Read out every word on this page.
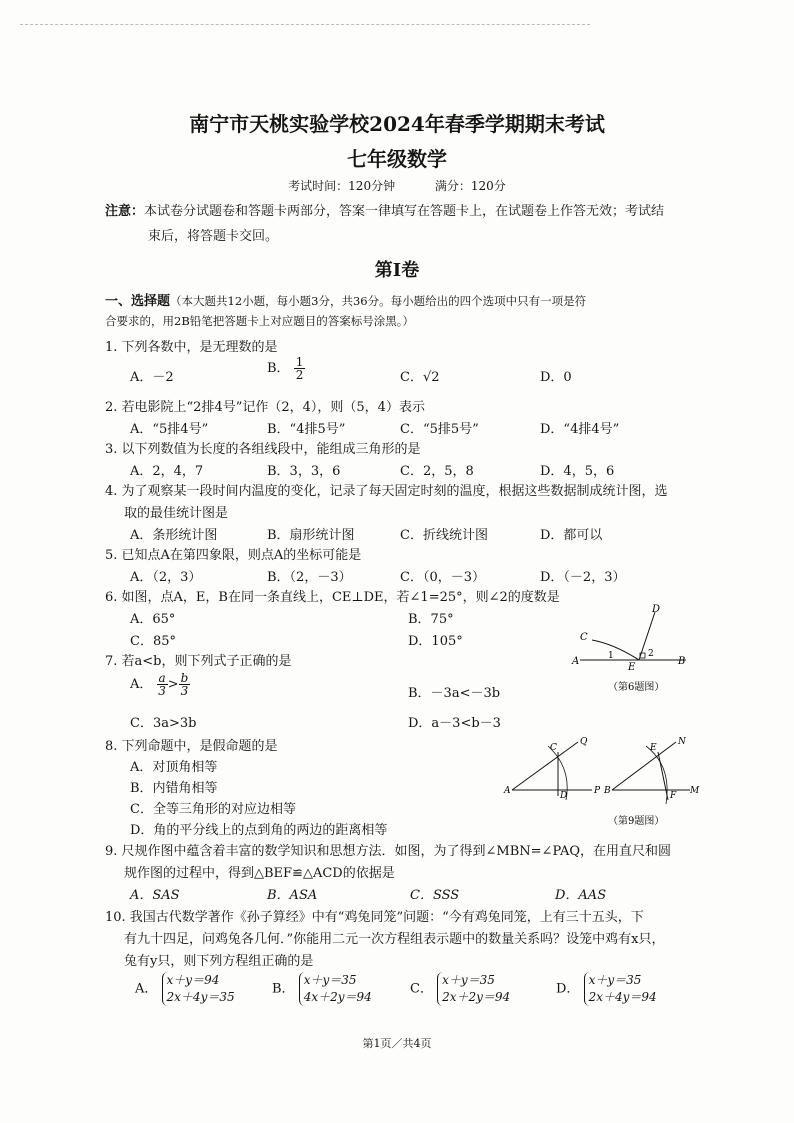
南宁市天桃实验学校2024年春季学期期末考试
七年级数学
考试时间：120分钟	满分：120分
注意：本试卷分试题卷和答题卡两部分，答案一律填写在答题卡上，在试题卷上作答无效；考试结
束后，将答题卡交回。
第Ⅰ卷
一、选择题（本大题共12小题，每小题3分，共36分。每小题给出的四个选项中只有一项是符
合要求的，用2B铅笔把答题卡上对应题目的答案标号涂黑。）
1. 下列各数中，是无理数的是
A．－2
B． $\frac{1}{2}$	C．√2	D．0
2. 若电影院上“2排4号”记作（2，4），则（5，4）表示
A．“5排4号”	B．“4排5号”	C．“5排5号”	D．“4排4号”
3. 以下列数值为长度的各组线段中，能组成三角形的是
A．2，4，7	B．3，3，6	C．2，5，8	D．4，5，6
4. 为了观察某一段时间内温度的变化，记录了每天固定时刻的温度，根据这些数据制成统计图，选
取的最佳统计图是
A．条形统计图	B．扇形统计图	C．折线统计图	D．都可以
5. 已知点A在第四象限，则点A的坐标可能是
A．（2，3）	B．（2，－3）	C．（0，－3）	D．（－2，3）
6. 如图，点A，E，B在同一条直线上，CE⊥DE，若∠1=25°，则∠2的度数是
A．65°	B．75°
C．85°	D．105°
A	B
C
D
E
1	2
（第6题图）
7. 若a<b，则下列式子正确的是
A． $\frac{a}{3} > \frac{b}{3}$	B．－3a<－3b
C．3a>3b	D．a－3<b－3
8. 下列命题中，是假命题的是
A．对顶角相等
B．内错角相等
C．全等三角形的对应边相等
D．角的平分线上的点到角的两边的距离相等
A
C
D	P
Q
B
E
F M
N
（第9题图）
9. 尺规作图中蕴含着丰富的数学知识和思想方法．如图，为了得到∠MBN=∠PAQ，在用直尺和圆
规作图的过程中，得到△BEF≌△ACD的依据是
A．SAS	B．ASA	C．SSS	D．AAS
10. 我国古代数学著作《孙子算经》中有“鸡兔同笼”问题：“今有鸡兔同笼，上有三十五头，下
有九十四足，问鸡兔各几何．”你能用二元一次方程组表示题中的数量关系吗？设笼中鸡有x只，
兔有y只，则下列方程组正确的是
A． x＋y＝94
2x＋4y＝35
B． x＋y＝35
4x＋2y＝94
C． x＋y＝35
2x＋2y＝94
D． x＋y＝35
2x＋4y＝94
第1页／共4页
